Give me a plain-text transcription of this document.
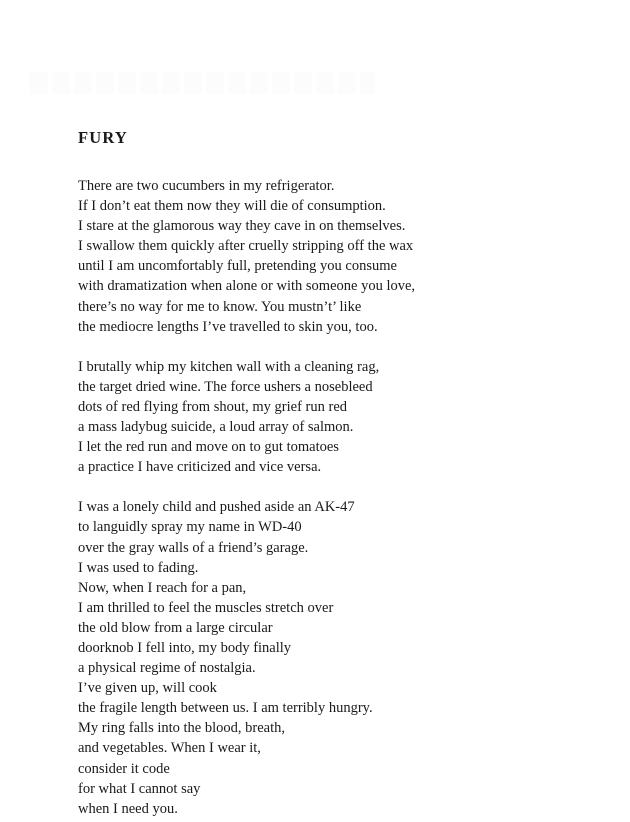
FURY
There are two cucumbers in my refrigerator.
If I don’t eat them now they will die of consumption.
I stare at the glamorous way they cave in on themselves.
I swallow them quickly after cruelly stripping off the wax
until I am uncomfortably full, pretending you consume
with dramatization when alone or with someone you love,
there’s no way for me to know. You mustn’t’ like
the mediocre lengths I’ve travelled to skin you, too.
I brutally whip my kitchen wall with a cleaning rag,
the target dried wine. The force ushers a nosebleed
dots of red flying from shout, my grief run red
a mass ladybug suicide, a loud array of salmon.
I let the red run and move on to gut tomatoes
a practice I have criticized and vice versa.
I was a lonely child and pushed aside an AK-47
to languidly spray my name in WD-40
over the gray walls of a friend’s garage.
I was used to fading.
Now, when I reach for a pan,
I am thrilled to feel the muscles stretch over
the old blow from a large circular
doorknob I fell into, my body finally
a physical regime of nostalgia.
I’ve given up, will cook
the fragile length between us. I am terribly hungry.
My ring falls into the blood, breath,
and vegetables. When I wear it,
consider it code
for what I cannot say
when I need you.
